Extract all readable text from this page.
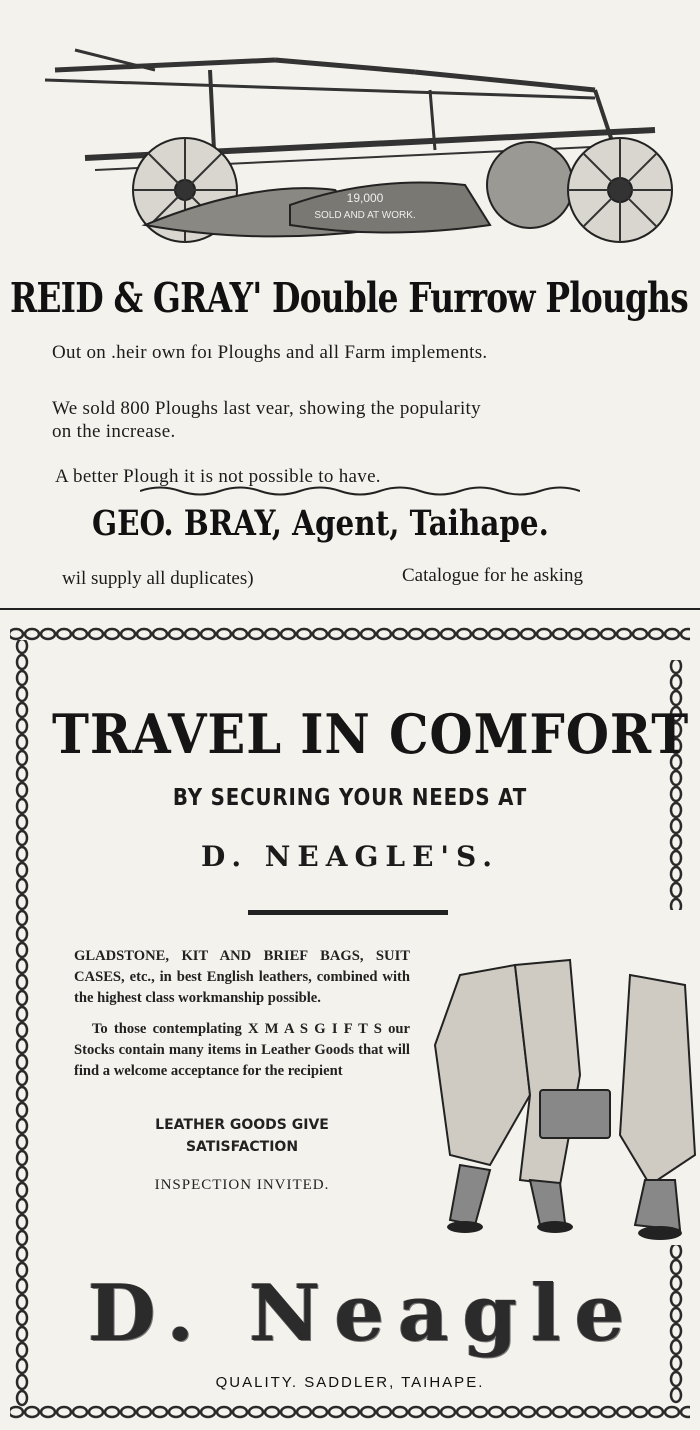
19,000
SOLD AND AT WORK.
REID & GRAY' Double Furrow Ploughs
Out on .heir own foı Ploughs and all Farm implements.
We sold 800 Ploughs last vear, showing the popularity
on the increase.
A better Plough it is not possible to have.
GEO. BRAY, Agent, Taihape.
wil supply all duplicates)	Catalogue for he asking
TRAVEL IN COMFORT
BY SECURING YOUR NEEDS AT
D. NEAGLE'S.

GLADSTONE, KIT AND BRIEF BAGS, SUIT CASES, etc., in best English leathers, combined with the highest class workmanship possible.

To those contemplating X M A S G I F T S our Stocks contain many items in Leather Goods that will find a welcome acceptance for the recipient

LEATHER GOODS GIVE
SATISFACTION
INSPECTION INVITED.
D. Neagle
QUALITY. SADDLER, TAIHAPE.
